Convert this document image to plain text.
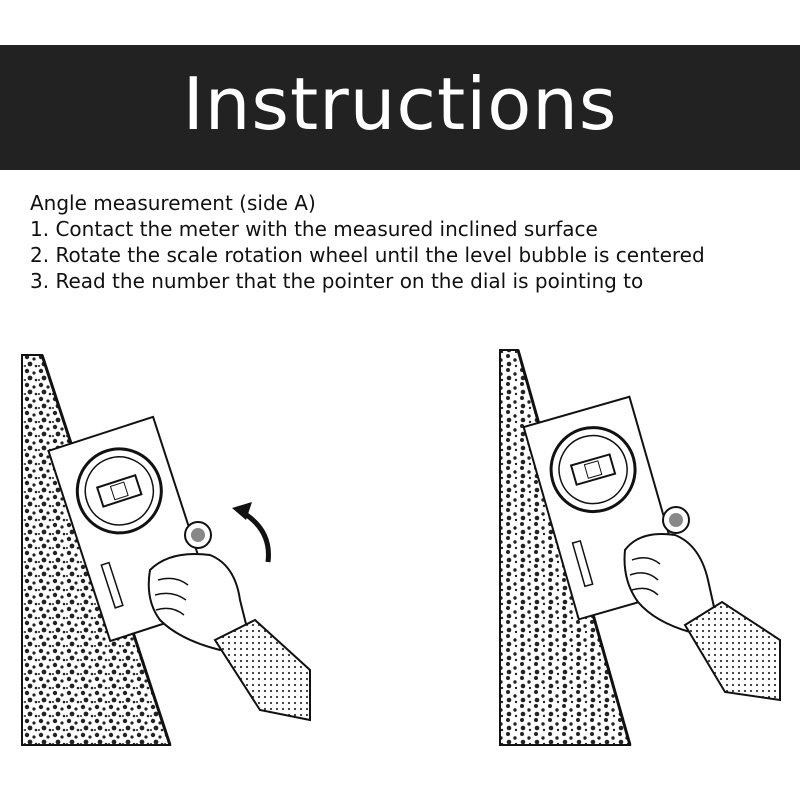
Instructions
Angle measurement (side A)
1. Contact the meter with the measured inclined surface
2. Rotate the scale rotation wheel until the level bubble is centered
3. Read the number that the pointer on the dial is pointing to
